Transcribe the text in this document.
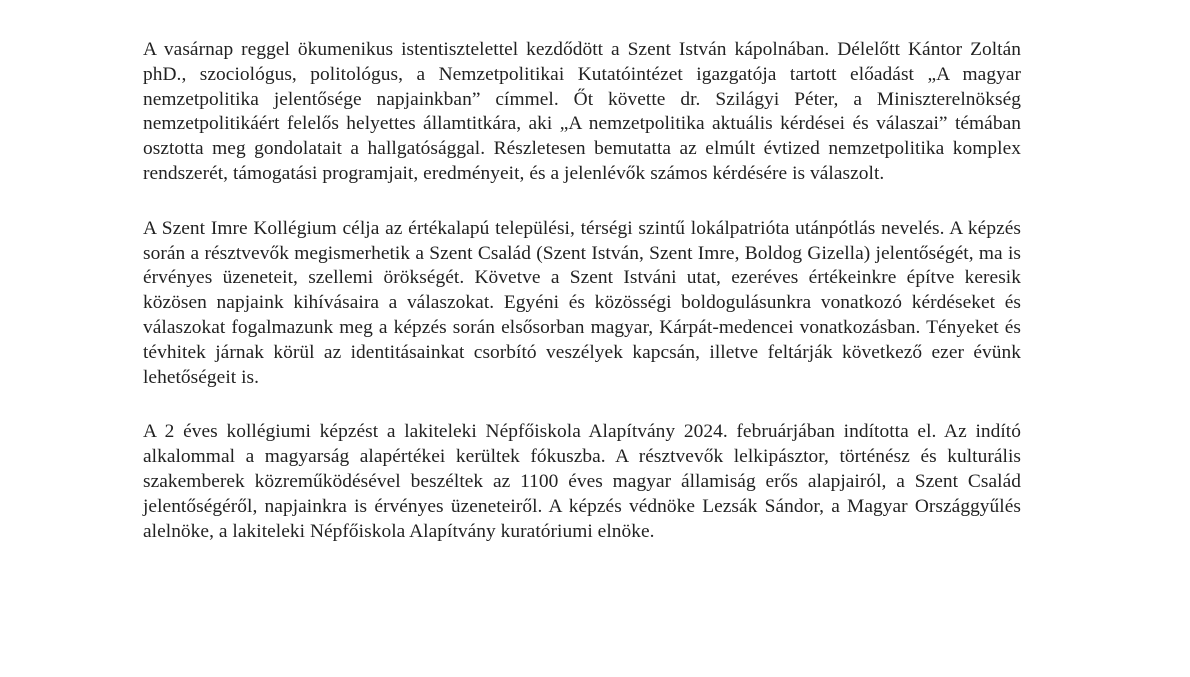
A vasárnap reggel ökumenikus istentisztelettel kezdődött a Szent István kápolnában. Délelőtt Kántor Zoltán phD., szociológus, politológus, a Nemzetpolitikai Kutatóintézet igazgatója tartott előadást „A magyar nemzetpolitika jelentősége napjainkban” címmel. Őt követte dr. Szilágyi Péter, a Miniszterelnökség nemzetpolitikáért felelős helyettes államtitkára, aki „A nemzetpolitika aktuális kérdései és válaszai” témában osztotta meg gondolatait a hallgatósággal. Részletesen bemutatta az elmúlt évtized nemzetpolitika komplex rendszerét, támogatási programjait, eredményeit, és a jelenlévők számos kérdésére is válaszolt.

A Szent Imre Kollégium célja az értékalapú települési, térségi szintű lokálpatrióta utánpótlás nevelés. A képzés során a résztvevők megismerhetik a Szent Család (Szent István, Szent Imre, Boldog Gizella) jelentőségét, ma is érvényes üzeneteit, szellemi örökségét. Követve a Szent Istváni utat, ezeréves értékeinkre építve keresik közösen napjaink kihívásaira a válaszokat. Egyéni és közösségi boldogulásunkra vonatkozó kérdéseket és válaszokat fogalmazunk meg a képzés során elsősorban magyar, Kárpát-medencei vonatkozásban. Tényeket és tévhitek járnak körül az identitásainkat csorbító veszélyek kapcsán, illetve feltárják következő ezer évünk lehetőségeit is.

A 2 éves kollégiumi képzést a lakiteleki Népfőiskola Alapítvány 2024. februárjában indította el. Az indító alkalommal a magyarság alapértékei kerültek fókuszba. A résztvevők lelkipásztor, történész és kulturális szakemberek közreműködésével beszéltek az 1100 éves magyar államiság erős alapjairól, a Szent Család jelentőségéről, napjainkra is érvényes üzeneteiről. A képzés védnöke Lezsák Sándor, a Magyar Országgyűlés alelnöke, a lakiteleki Népfőiskola Alapítvány kuratóriumi elnöke.
